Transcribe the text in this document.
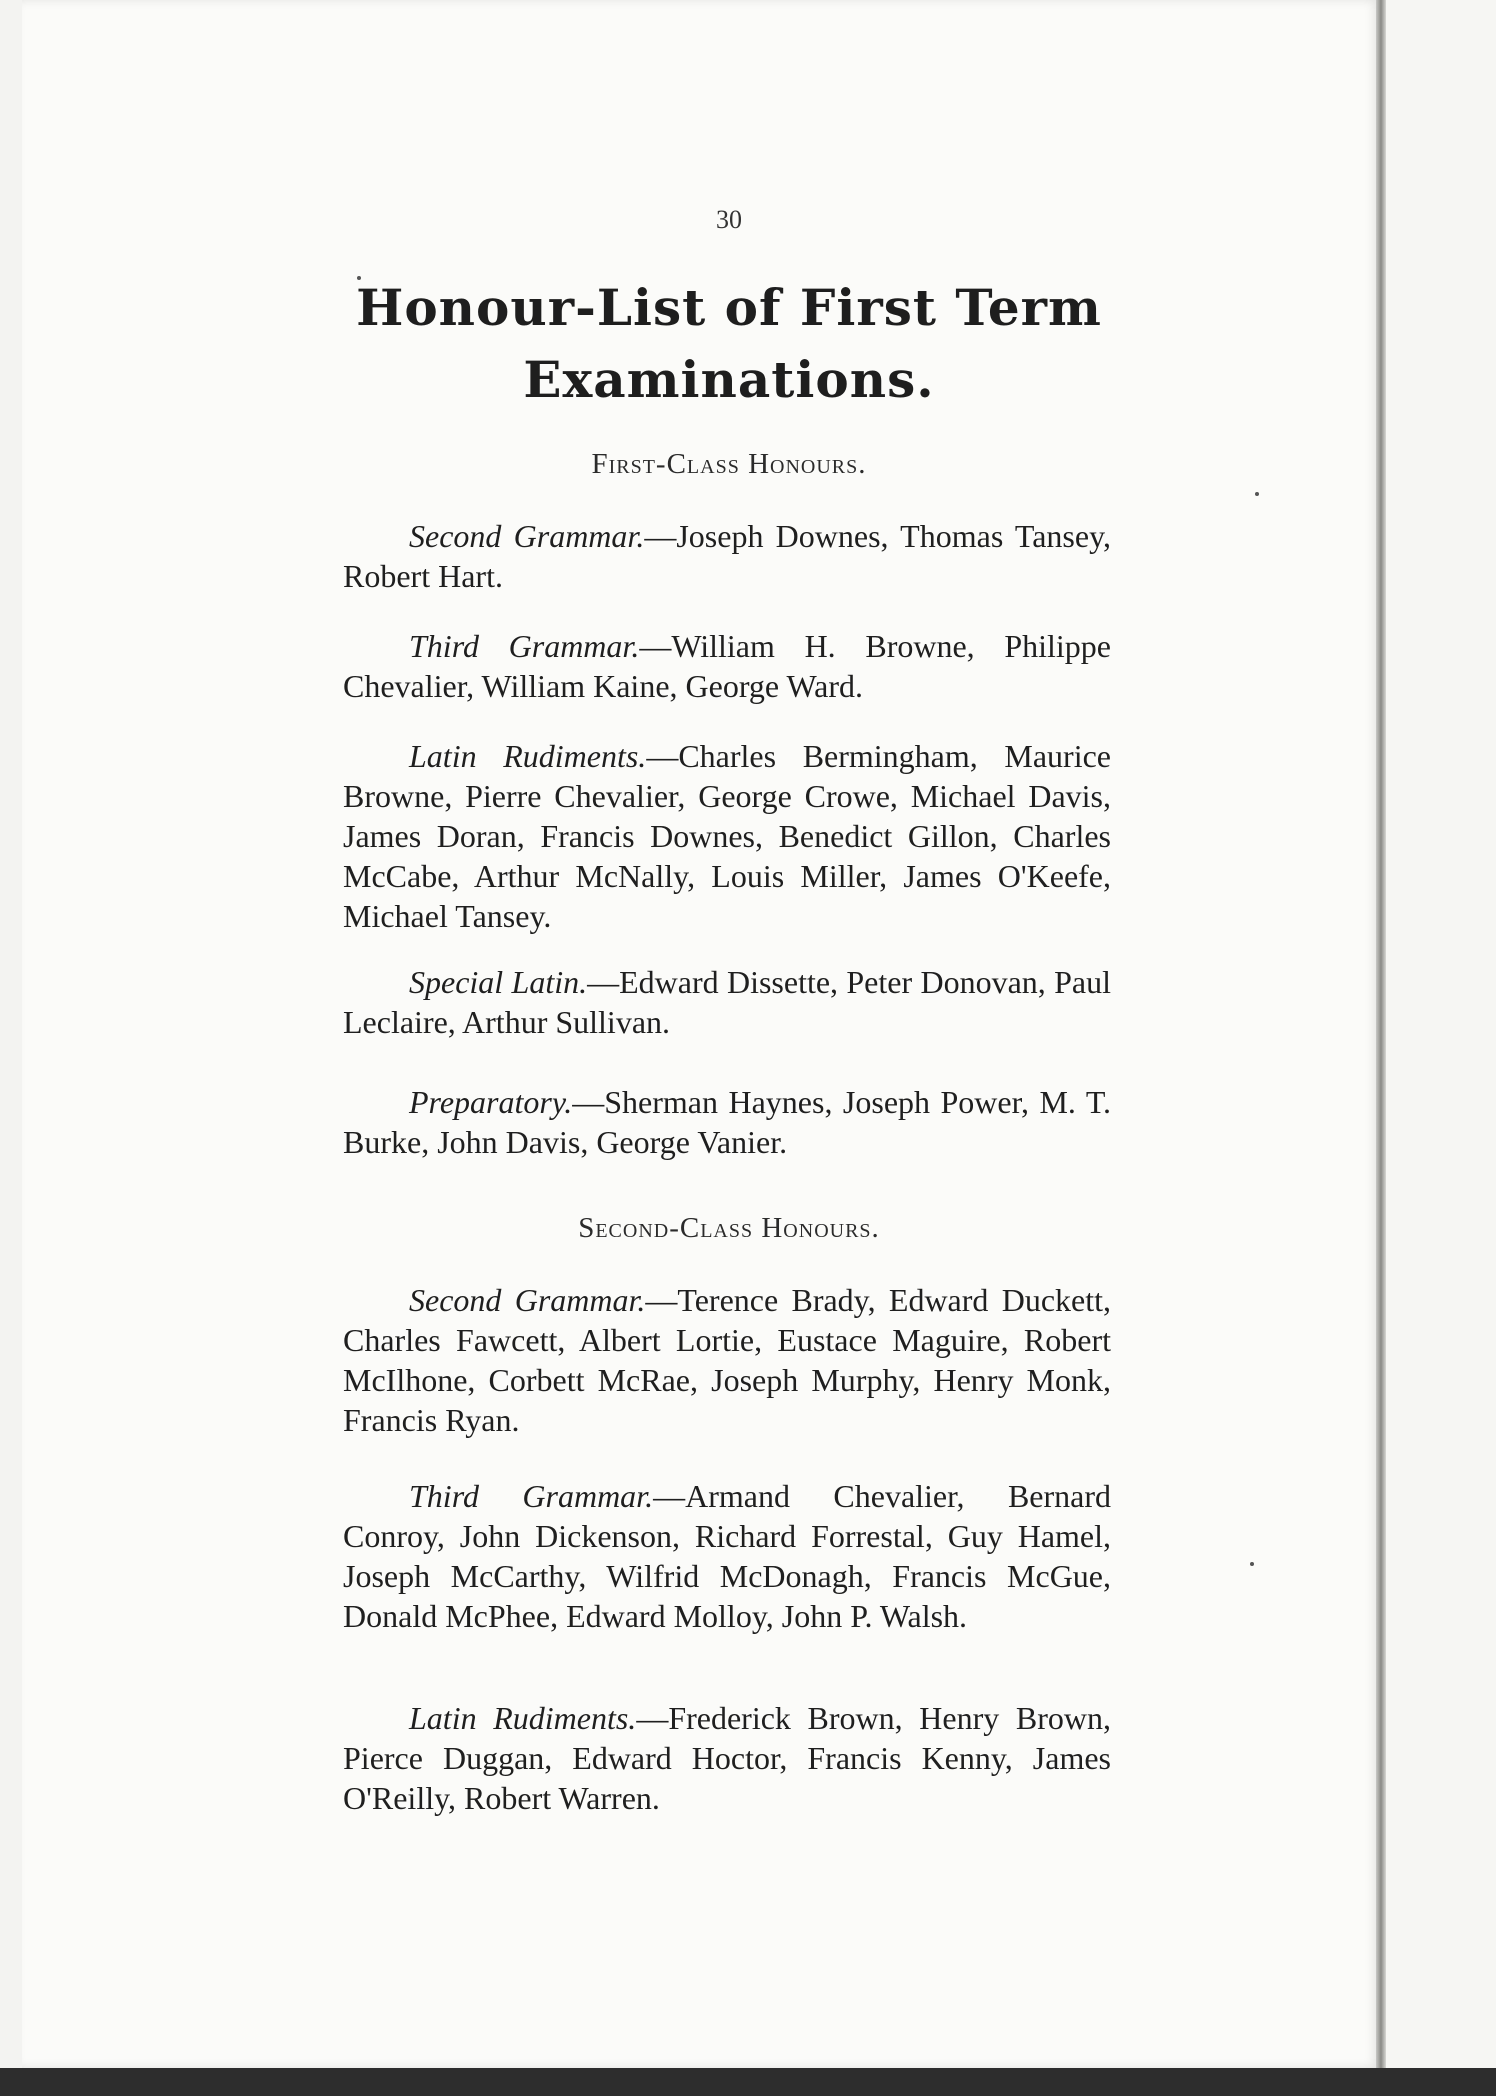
30
Honour-List of First Term Examinations.
First-Class Honours.
Second Grammar.—Joseph Downes, Thomas Tansey, Robert Hart.
Third Grammar.—William H. Browne, Philippe Chevalier, William Kaine, George Ward.
Latin Rudiments.—Charles Bermingham, Maurice Browne, Pierre Chevalier, George Crowe, Michael Davis, James Doran, Francis Downes, Benedict Gillon, Charles McCabe, Arthur McNally, Louis Miller, James O'Keefe, Michael Tansey.
Special Latin.—Edward Dissette, Peter Donovan, Paul Leclaire, Arthur Sullivan.
Preparatory.—Sherman Haynes, Joseph Power, M. T. Burke, John Davis, George Vanier.
Second-Class Honours.
Second Grammar.—Terence Brady, Edward Duckett, Charles Fawcett, Albert Lortie, Eustace Maguire, Robert McIlhone, Corbett McRae, Joseph Murphy, Henry Monk, Francis Ryan.
Third Grammar.—Armand Chevalier, Bernard Conroy, John Dickenson, Richard Forrestal, Guy Hamel, Joseph McCarthy, Wilfrid McDonagh, Francis McGue, Donald McPhee, Edward Molloy, John P. Walsh.
Latin Rudiments.—Frederick Brown, Henry Brown, Pierce Duggan, Edward Hoctor, Francis Kenny, James O'Reilly, Robert Warren.
